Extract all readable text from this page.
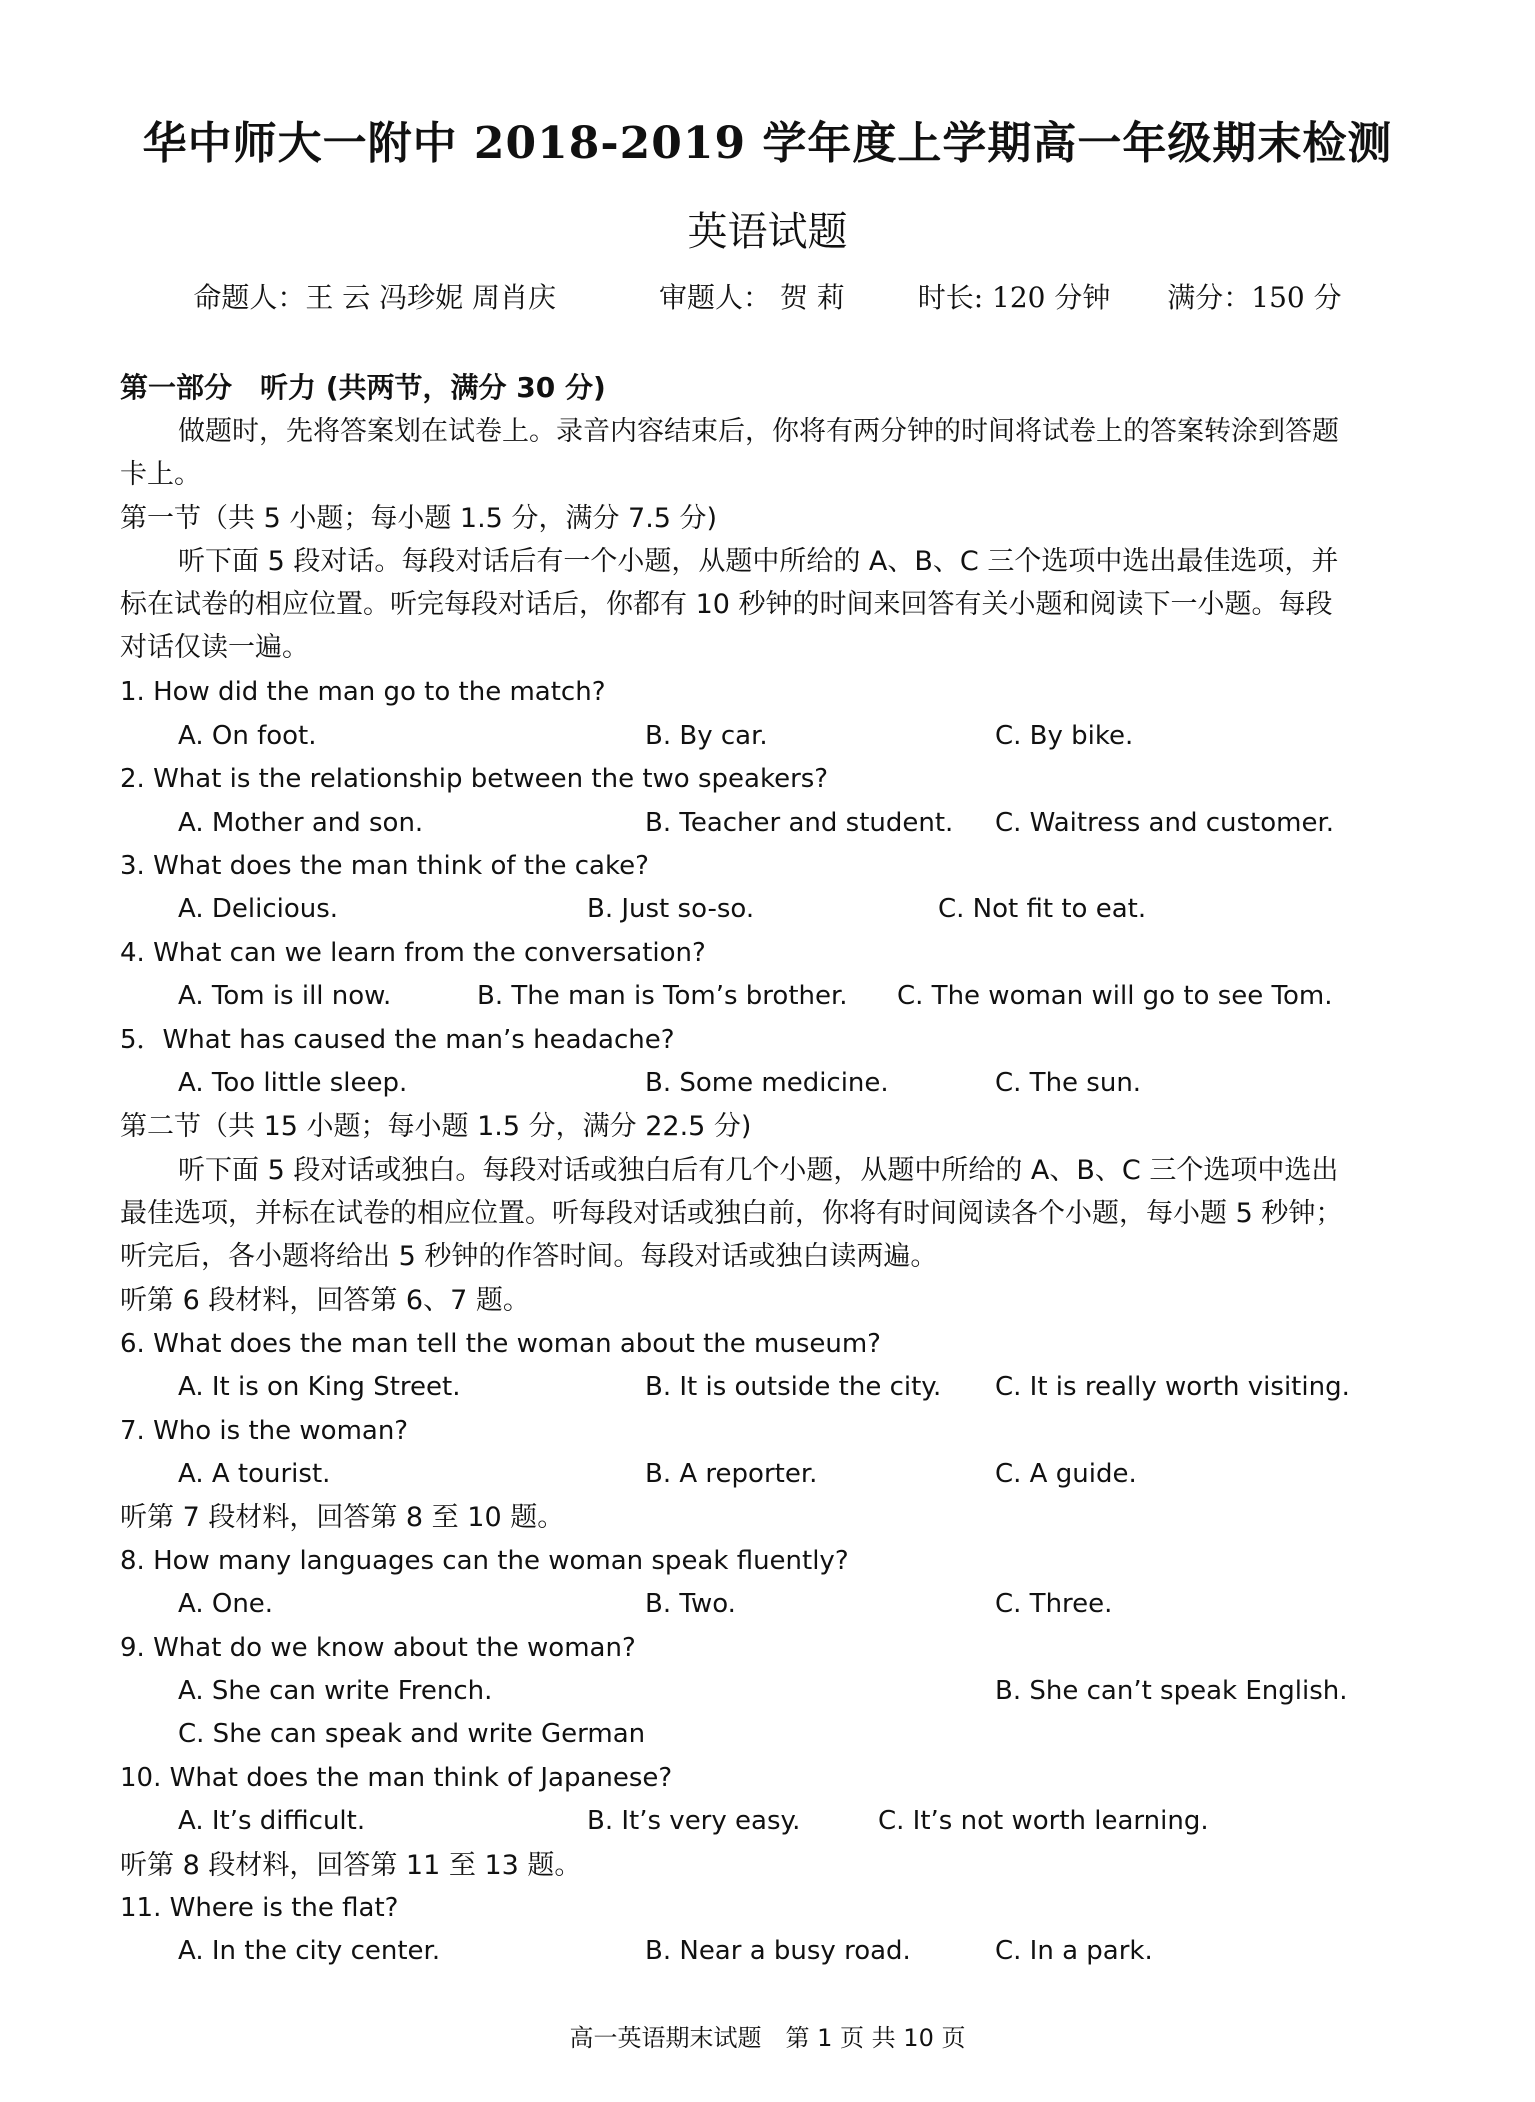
华中师大一附中 2018-2019 学年度上学期高一年级期末检测
英语试题
命题人：王 云 冯珍妮 周肖庆	审题人： 贺 莉	时长: 120 分钟 满分：150 分
第一部分　听力 (共两节，满分 30 分)
做题时，先将答案划在试卷上。录音内容结束后，你将有两分钟的时间将试卷上的答案转涂到答题
卡上。
第一节（共 5 小题；每小题 1.5 分，满分 7.5 分)
听下面 5 段对话。每段对话后有一个小题，从题中所给的 A、B、C 三个选项中选出最佳选项，并
标在试卷的相应位置。听完每段对话后，你都有 10 秒钟的时间来回答有关小题和阅读下一小题。每段
对话仅读一遍。
1. How did the man go to the match?
A. On foot.	B. By car.	C. By bike.
2. What is the relationship between the two speakers?
A. Mother and son.	B. Teacher and student. C. Waitress and customer.
3. What does the man think of the cake?
A. Delicious.	B. Just so-so.	C. Not fit to eat.
4. What can we learn from the conversation?
A. Tom is ill now.	B. The man is Tom’s brother. C. The woman will go to see Tom.
5．What has caused the man’s headache?
A. Too little sleep.	B. Some medicine.	C. The sun.
第二节（共 15 小题；每小题 1.5 分，满分 22.5 分)
听下面 5 段对话或独白。每段对话或独白后有几个小题，从题中所给的 A、B、C 三个选项中选出
最佳选项，并标在试卷的相应位置。听每段对话或独白前，你将有时间阅读各个小题，每小题 5 秒钟；
听完后，各小题将给出 5 秒钟的作答时间。每段对话或独白读两遍。
听第 6 段材料，回答第 6、7 题。
6. What does the man tell the woman about the museum?
A. It is on King Street.	B. It is outside the city. C. It is really worth visiting.
7. Who is the woman?
A. A tourist.	B. A reporter.	C. A guide.
听第 7 段材料，回答第 8 至 10 题。
8. How many languages can the woman speak fluently?
A. One.	B. Two.	C. Three.
9. What do we know about the woman?
A. She can write French.	B. She can’t speak English.
C. She can speak and write German
10. What does the man think of Japanese?
A. It’s difficult.	B. It’s very easy.	C. It’s not worth learning.
听第 8 段材料，回答第 11 至 13 题。
11. Where is the flat?
A. In the city center.	B. Near a busy road.	C. In a park.
高一英语期末试题　第 1 页 共 10 页
